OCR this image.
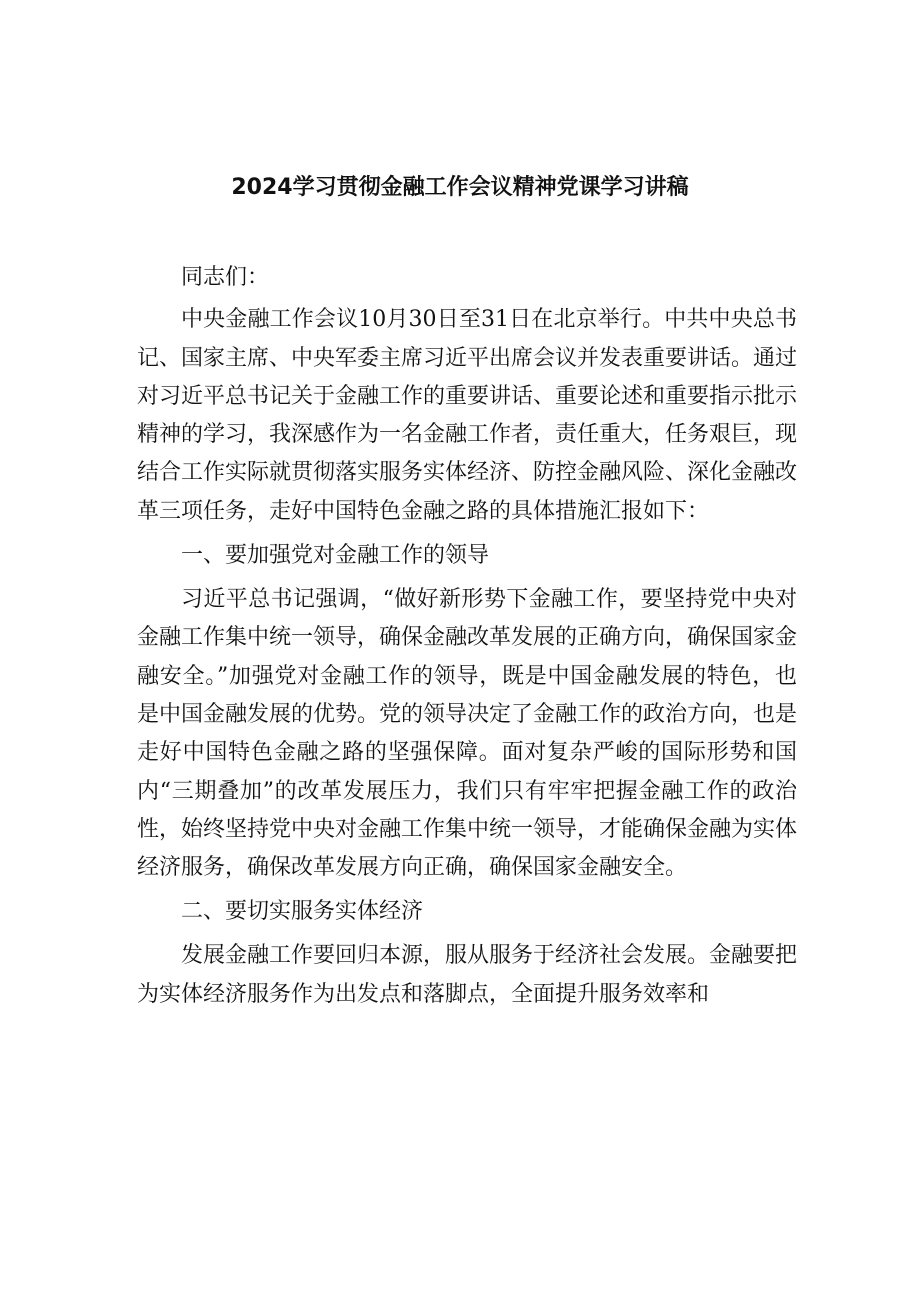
2024学习贯彻金融工作会议精神党课学习讲稿

同志们：

中央金融工作会议10月30日至31日在北京举行。中共中央总书记、国家主席、中央军委主席习近平出席会议并发表重要讲话。通过对习近平总书记关于金融工作的重要讲话、重要论述和重要指示批示精神的学习，我深感作为一名金融工作者，责任重大，任务艰巨，现结合工作实际就贯彻落实服务实体经济、防控金融风险、深化金融改革三项任务，走好中国特色金融之路的具体措施汇报如下：

一、要加强党对金融工作的领导

习近平总书记强调，“做好新形势下金融工作，要坚持党中央对金融工作集中统一领导，确保金融改革发展的正确方向，确保国家金融安全。”加强党对金融工作的领导，既是中国金融发展的特色，也是中国金融发展的优势。党的领导决定了金融工作的政治方向，也是走好中国特色金融之路的坚强保障。面对复杂严峻的国际形势和国内“三期叠加”的改革发展压力，我们只有牢牢把握金融工作的政治性，始终坚持党中央对金融工作集中统一领导，才能确保金融为实体经济服务，确保改革发展方向正确，确保国家金融安全。

二、要切实服务实体经济

发展金融工作要回归本源，服从服务于经济社会发展。金融要把为实体经济服务作为出发点和落脚点，全面提升服务效率和
